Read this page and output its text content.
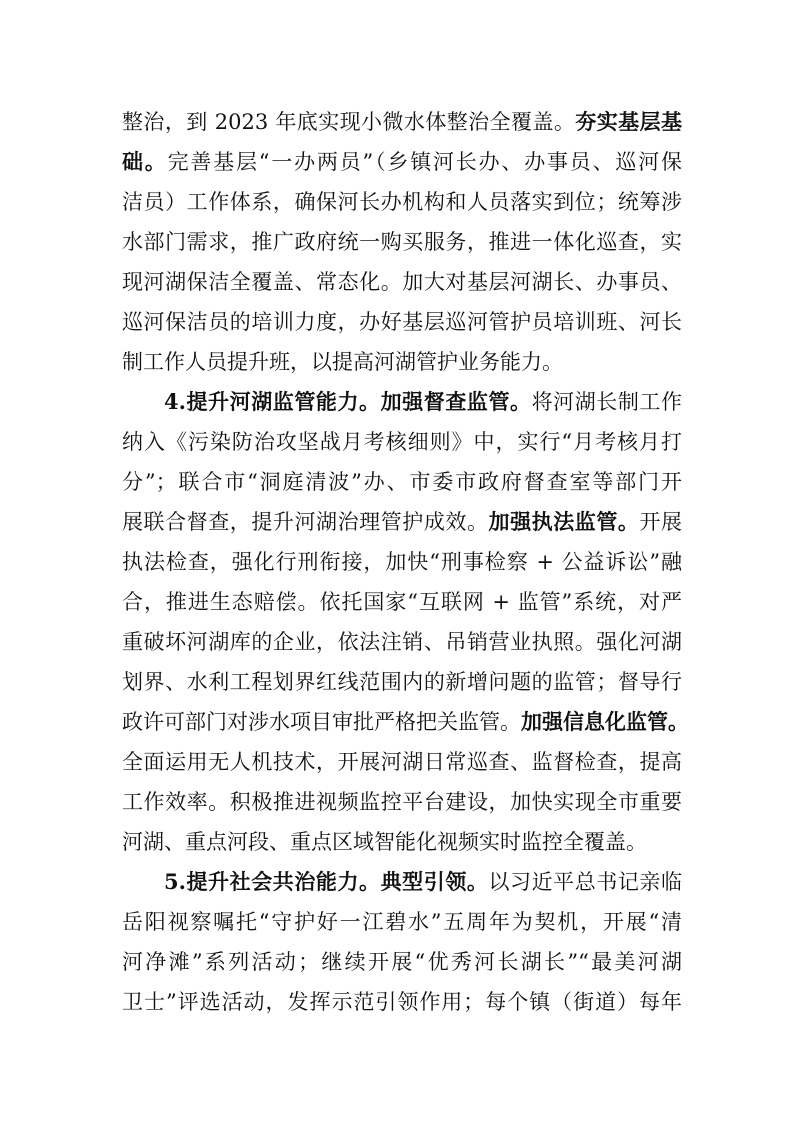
整治，到 2023 年底实现小微水体整治全覆盖。夯实基层基
础。完善基层“一办两员”（乡镇河长办、办事员、巡河保
洁员）工作体系，确保河长办机构和人员落实到位；统筹涉
水部门需求，推广政府统一购买服务，推进一体化巡查，实
现河湖保洁全覆盖、常态化。加大对基层河湖长、办事员、
巡河保洁员的培训力度，办好基层巡河管护员培训班、河长
制工作人员提升班，以提高河湖管护业务能力。
4.提升河湖监管能力。加强督查监管。将河湖长制工作
纳入《污染防治攻坚战月考核细则》中，实行“月考核月打
分”；联合市“洞庭清波”办、市委市政府督查室等部门开
展联合督查，提升河湖治理管护成效。加强执法监管。开展
执法检查，强化行刑衔接，加快“刑事检察 + 公益诉讼”融
合，推进生态赔偿。依托国家“互联网 + 监管”系统，对严
重破坏河湖库的企业，依法注销、吊销营业执照。强化河湖
划界、水利工程划界红线范围内的新增问题的监管；督导行
政许可部门对涉水项目审批严格把关监管。加强信息化监管。
全面运用无人机技术，开展河湖日常巡查、监督检查，提高
工作效率。积极推进视频监控平台建设，加快实现全市重要
河湖、重点河段、重点区域智能化视频实时监控全覆盖。
5.提升社会共治能力。典型引领。以习近平总书记亲临
岳阳视察嘱托“守护好一江碧水”五周年为契机，开展“清
河净滩”系列活动；继续开展“优秀河长湖长”“最美河湖
卫士”评选活动，发挥示范引领作用；每个镇（街道）每年
